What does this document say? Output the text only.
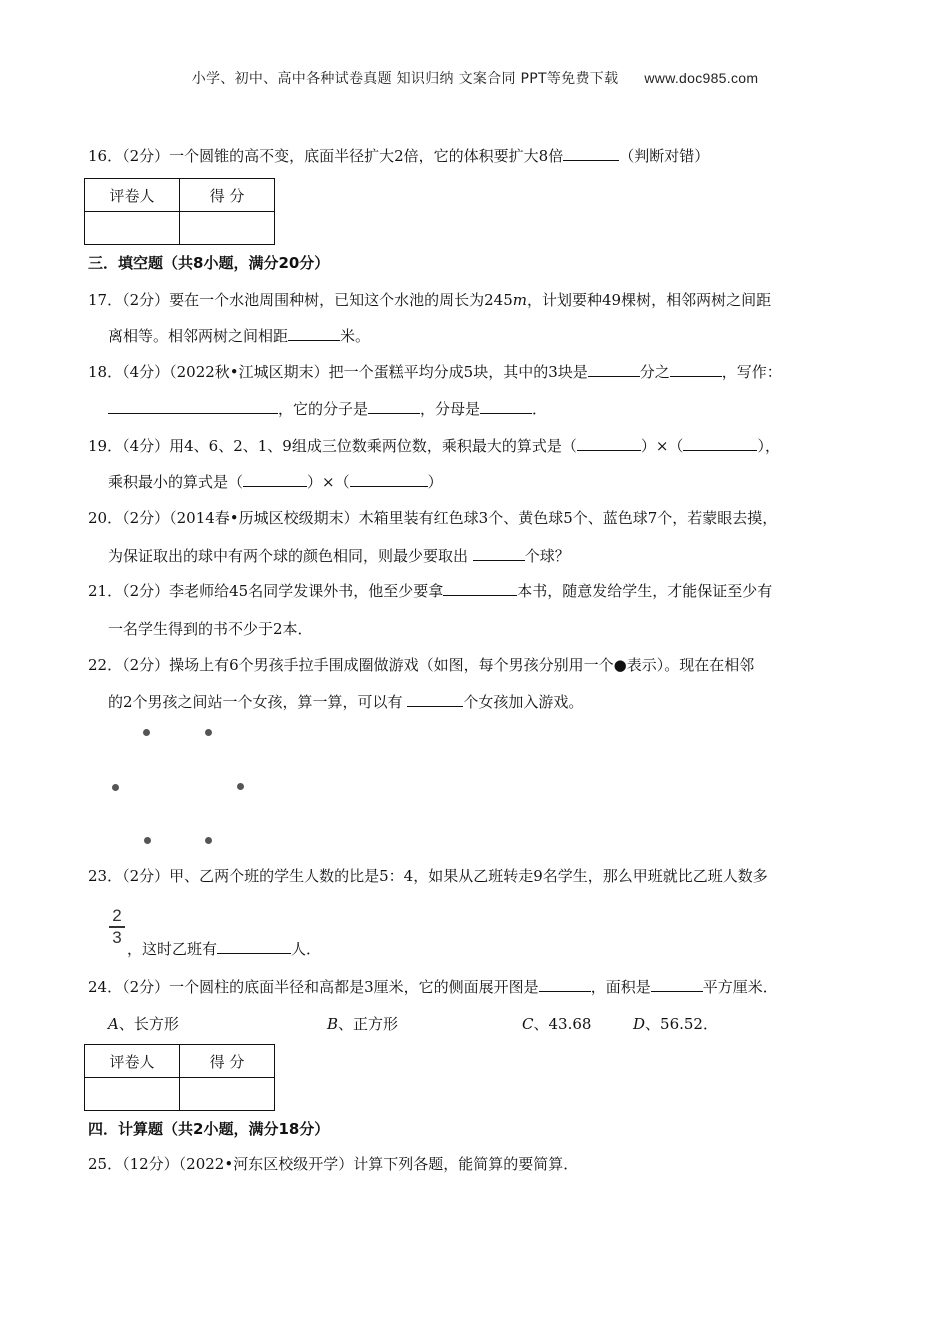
小学、初中、高中各种试卷真题 知识归纳 文案合同 PPT等免费下载 www.doc985.com
16．（2分）一个圆锥的高不变，底面半径扩大2倍，它的体积要扩大8倍	（判断对错）
评卷人	得 分

三．填空题（共8小题，满分20分）
17．（2分）要在一个水池周围种树，已知这个水池的周长为245m，计划要种49棵树，相邻两树之间距
离相等。相邻两树之间相距	米。
18．（4分）（2022秋•江城区期末）把一个蛋糕平均分成5块，其中的3块是	分之	，写作：
，它的分子是	，分母是	．
19．（4分）用4、6、2、1、9组成三位数乘两位数，乘积最大的算式是（	）×（	），
乘积最小的算式是（	）×（	）
20．（2分）（2014春•历城区校级期末）木箱里装有红色球3个、黄色球5个、蓝色球7个，若蒙眼去摸，
为保证取出的球中有两个球的颜色相同，则最少要取出	个球？
21．（2分）李老师给45名同学发课外书，他至少要拿	本书，随意发给学生，才能保证至少有
一名学生得到的书不少于2本．
22．（2分）操场上有6个男孩手拉手围成圈做游戏（如图，每个男孩分别用一个●表示）。现在在相邻
的2个男孩之间站一个女孩，算一算，可以有	个女孩加入游戏。
23．（2分）甲、乙两个班的学生人数的比是5：4，如果从乙班转走9名学生，那么甲班就比乙班人数多
2
3
，这时乙班有	人．
24．（2分）一个圆柱的底面半径和高都是3厘米，它的侧面展开图是	，面积是	平方厘米．
A、长方形	B、正方形	C、43.68	D、56.52．
评卷人	得 分

四．计算题（共2小题，满分18分）
25．（12分）（2022•河东区校级开学）计算下列各题，能简算的要简算．
